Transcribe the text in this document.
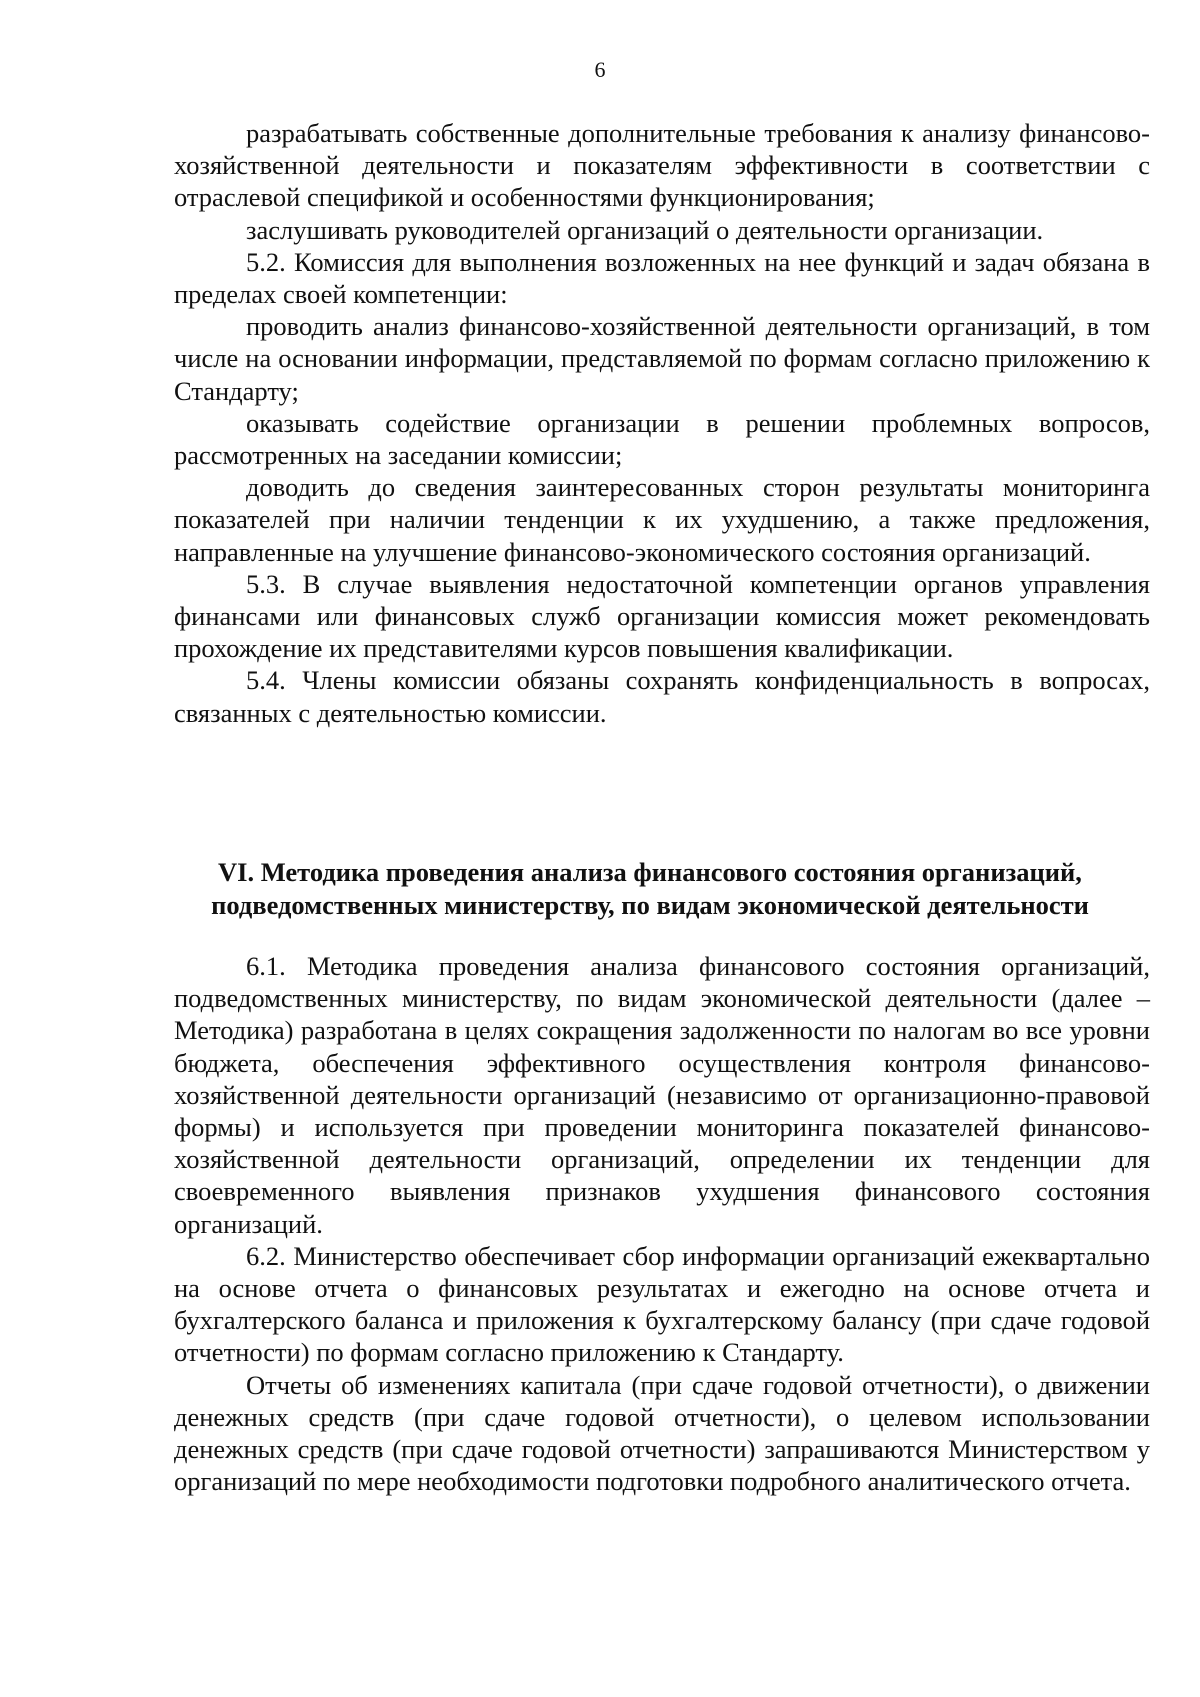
6

разрабатывать собственные дополнительные требования к анализу финансово-хозяйственной деятельности и показателям эффективности в соответствии с отраслевой спецификой и особенностями функционирования;

заслушивать руководителей организаций о деятельности организации.

5.2. Комиссия для выполнения возложенных на нее функций и задач обязана в пределах своей компетенции:

проводить анализ финансово-хозяйственной деятельности организаций, в том числе на основании информации, представляемой по формам согласно приложению к Стандарту;

оказывать содействие организации в решении проблемных вопросов, рассмотренных на заседании комиссии;

доводить до сведения заинтересованных сторон результаты мониторинга показателей при наличии тенденции к их ухудшению, а также предложения, направленные на улучшение финансово-экономического состояния организаций.

5.3. В случае выявления недостаточной компетенции органов управления финансами или финансовых служб организации комиссия может рекомендовать прохождение их представителями курсов повышения квалификации.

5.4. Члены комиссии обязаны сохранять конфиденциальность в вопросах, связанных с деятельностью комиссии.

VI. Методика проведения анализа финансового состояния организаций,
подведомственных министерству, по видам экономической деятельности

6.1. Методика проведения анализа финансового состояния организаций, подведомственных министерству, по видам экономической деятельности (далее – Методика) разработана в целях сокращения задолженности по налогам во все уровни бюджета, обеспечения эффективного осуществления контроля финансово-хозяйственной деятельности организаций (независимо от организационно-правовой формы) и используется при проведении мониторинга показателей финансово-хозяйственной деятельности организаций, определении их тенденции для своевременного выявления признаков ухудшения финансового состояния организаций.

6.2. Министерство обеспечивает сбор информации организаций ежеквартально на основе отчета о финансовых результатах и ежегодно на основе отчета и бухгалтерского баланса и приложения к бухгалтерскому балансу (при сдаче годовой отчетности) по формам согласно приложению к Стандарту.

Отчеты об изменениях капитала (при сдаче годовой отчетности), о движении денежных средств (при сдаче годовой отчетности), о целевом использовании денежных средств (при сдаче годовой отчетности) запрашиваются Министерством у организаций по мере необходимости подготовки подробного аналитического отчета.
